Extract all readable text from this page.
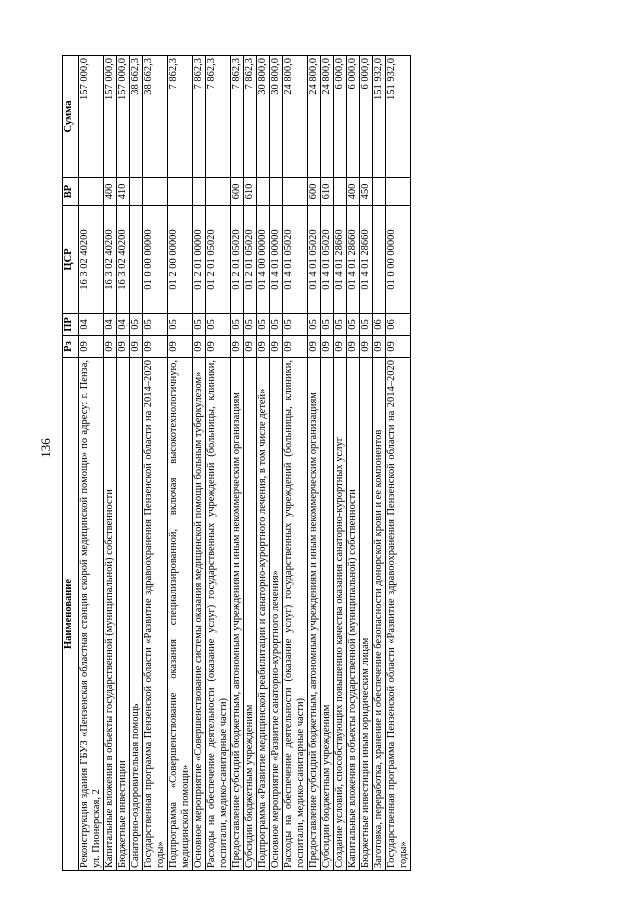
136
Наименование	Рз	ПР	ЦСР	ВР	Сумма
Реконструкция здания ГБУЗ «Пензенская областная станция скорой медицинской помощи» по адресу: г. Пенза, ул. Пионерская, 2	09	04	16 3 02 40200		157 000,0
Капитальные вложения в объекты государственной (муниципальной) собственности	09	04	16 3 02 40200	400	157 000,0
Бюджетные инвестиции	09	04	16 3 02 40200	410	157 000,0
Санаторно-оздоровительная помощь	09	05			38 662,3
Государственная программа Пензенской области «Развитие здравоохранения Пензенской области на 2014–2020 годы»	09	05	01 0 00 00000		38 662,3
Подпрограмма «Совершенствование оказания специализированной, включая высокотехнологичную, медицинской помощи»	09	05	01 2 00 00000		7 862,3
Основное мероприятие «Совершенствование системы оказания медицинской помощи больным туберкулезом»	09	05	01 2 01 00000		7 862,3
Расходы на обеспечение деятельности (оказание услуг) государственных учреждений (больницы, клиники, госпитали, медико-санитарные части)	09	05	01 2 01 05020		7 862,3
Предоставление субсидий бюджетным, автономным учреждениям и иным некоммерческим организациям	09	05	01 2 01 05020	600	7 862,3
Субсидии бюджетным учреждениям	09	05	01 2 01 05020	610	7 862,3
Подпрограмма «Развитие медицинской реабилитации и санаторно-курортного лечения, в том числе детей»	09	05	01 4 00 00000		30 800,0
Основное мероприятие «Развитие санаторно-курортного лечения»	09	05	01 4 01 00000		30 800,0
Расходы на обеспечение деятельности (оказание услуг) государственных учреждений (больницы, клиники, госпитали, медико-санитарные части)	09	05	01 4 01 05020		24 800,0
Предоставление субсидий бюджетным, автономным учреждениям и иным некоммерческим организациям	09	05	01 4 01 05020	600	24 800,0
Субсидии бюджетным учреждениям	09	05	01 4 01 05020	610	24 800,0
Создание условий, способствующих повышению качества оказания санаторно-курортных услуг	09	05	01 4 01 28660		6 000,0
Капитальные вложения в объекты государственной (муниципальной) собственности	09	05	01 4 01 28660	400	6 000,0
Бюджетные инвестиции иным юридическим лицам	09	05	01 4 01 28660	450	6 000,0
Заготовка, переработка, хранение и обеспечение безопасности донорской крови и ее компонентов	09	06			151 932,0
Государственная программа Пензенской области «Развитие здравоохранения Пензенской области на 2014–2020 годы»	09	06	01 0 00 00000		151 932,0
